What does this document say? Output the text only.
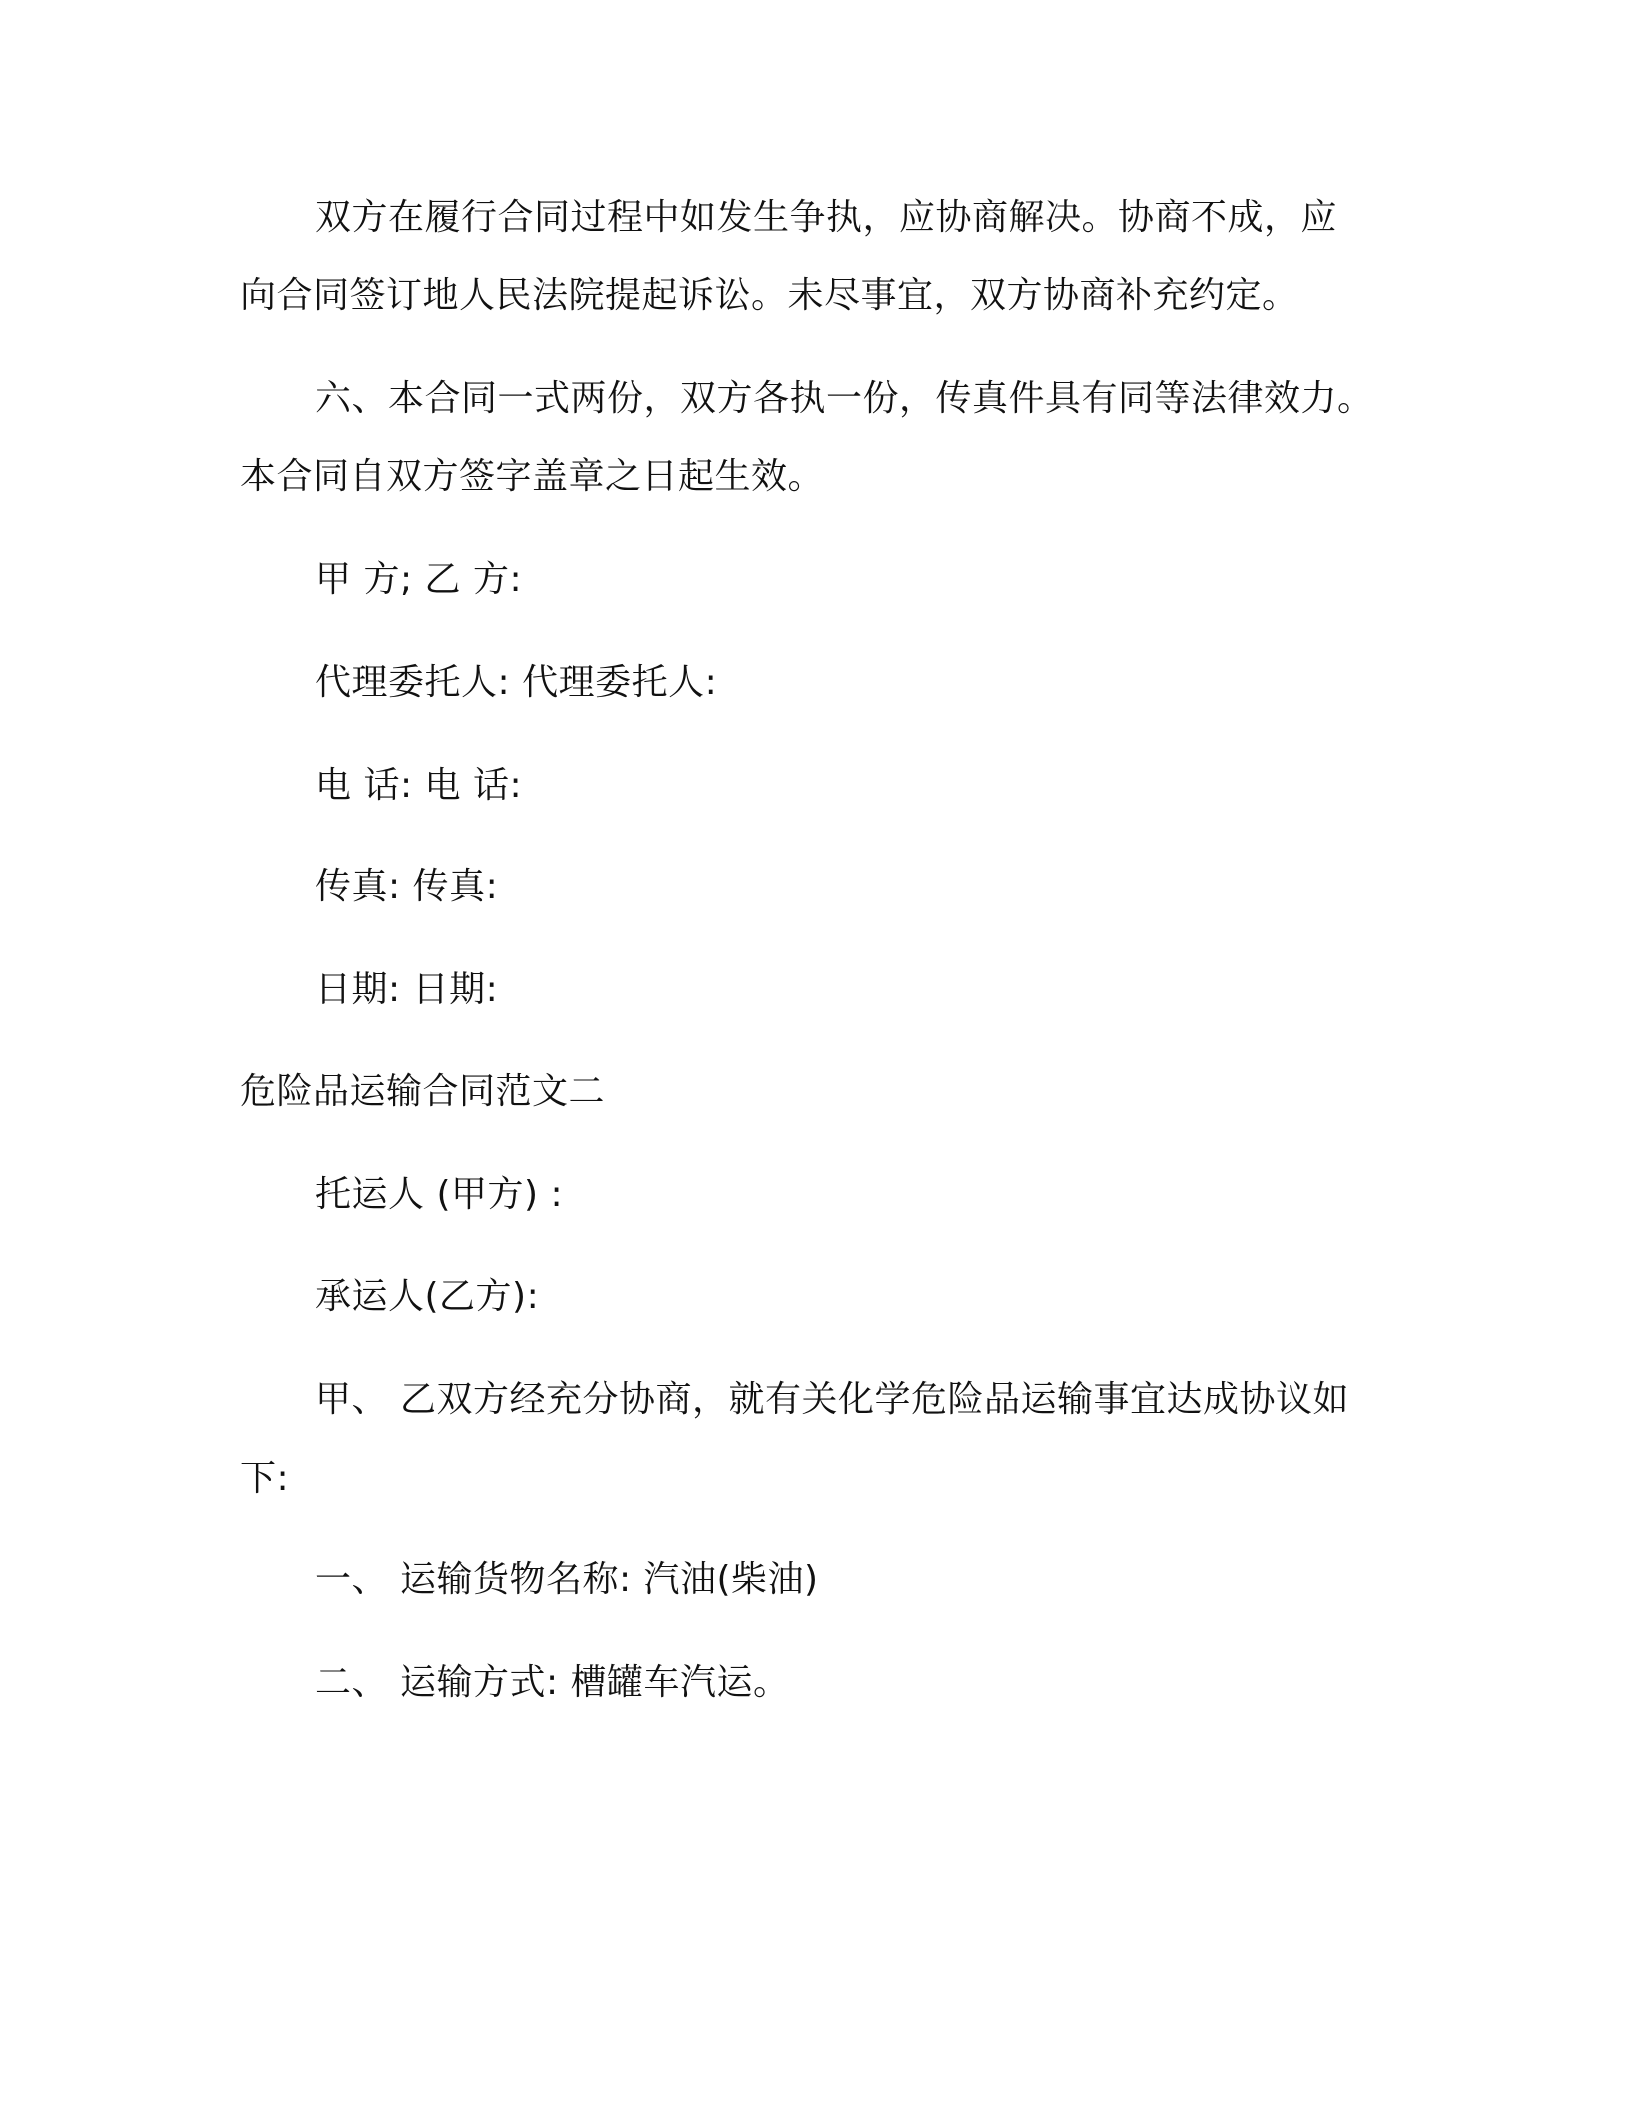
双方在履行合同过程中如发生争执，应协商解决。协商不成，应
向合同签订地人民法院提起诉讼。未尽事宜，双方协商补充约定。
六、本合同一式两份，双方各执一份，传真件具有同等法律效力。
本合同自双方签字盖章之日起生效。
甲 方; 乙 方:
代理委托人: 代理委托人:
电 话: 电 话:
传真: 传真:
日期: 日期:
危险品运输合同范文二
托运人 (甲方) :
承运人(乙方):
甲、 乙双方经充分协商，就有关化学危险品运输事宜达成协议如
下:
一、 运输货物名称: 汽油(柴油)
二、 运输方式: 槽罐车汽运。
